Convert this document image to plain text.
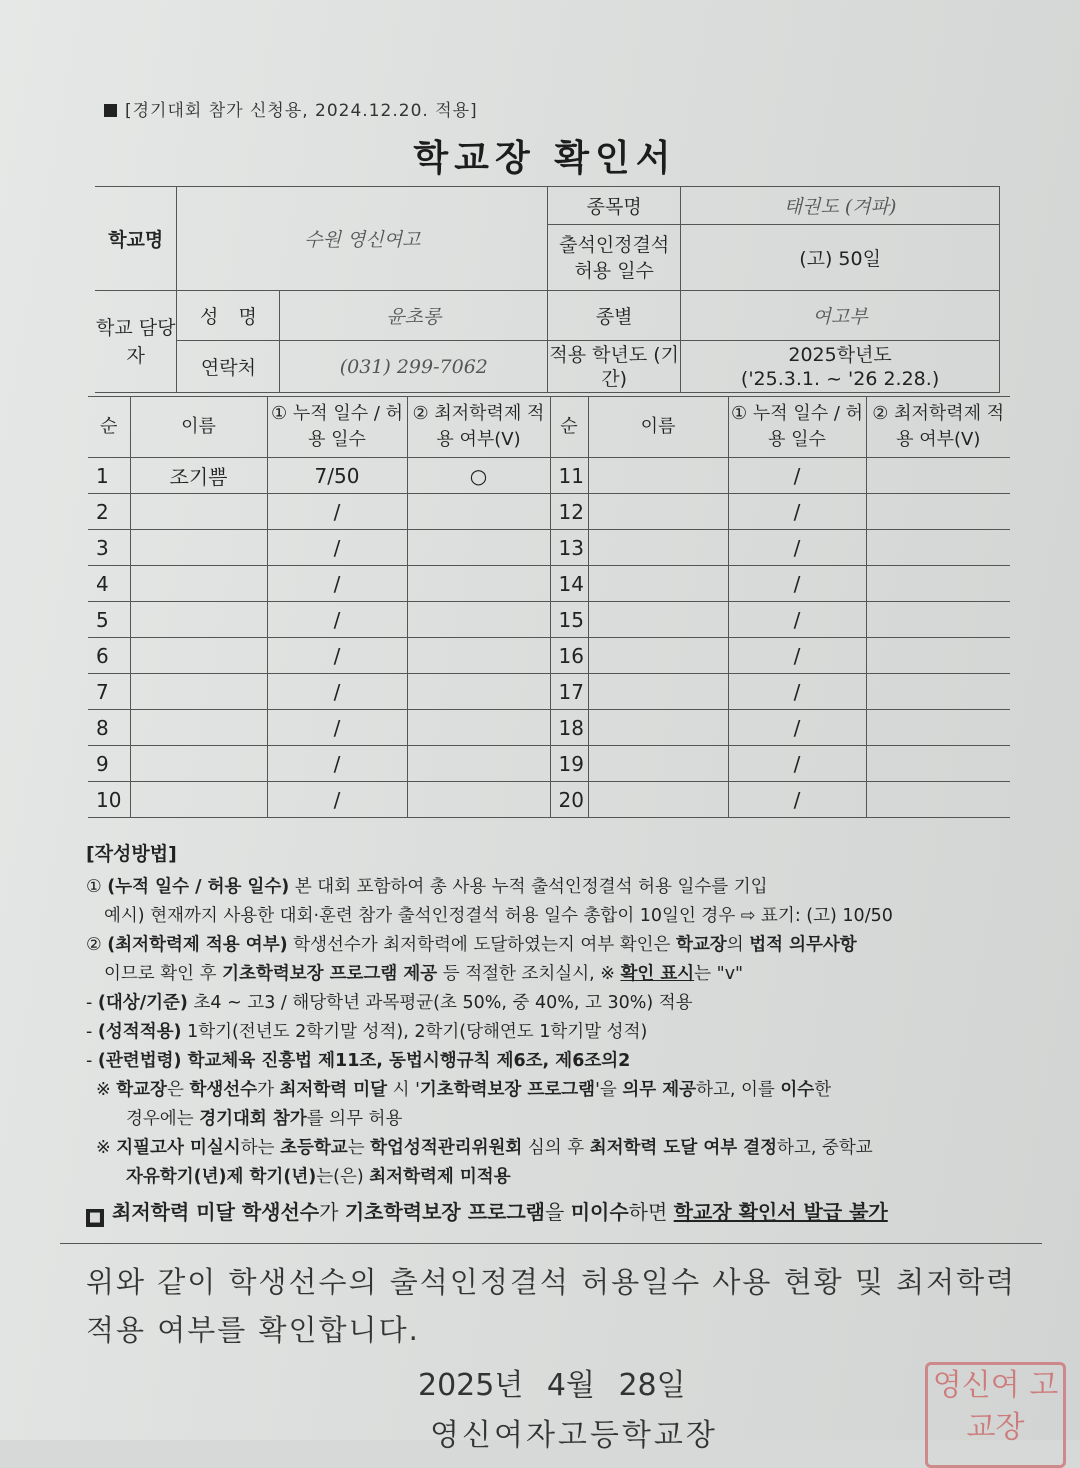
[경기대회 참가 신청용, 2024.12.20. 적용]
학교장 확인서
학교명	수원 영신여고		종목명	태권도 (겨파)
			출석인정결석 허용 일수	(고) 50일
학교 담당자	성 명	윤초롱	종별	여고부
	연락처	(031) 299-7062	적용 학년도 (기간)	2025학년도
('25.3.1. ~ '26 2.28.)
순	이름	① 누적 일수 / 허용 일수	② 최저학력제 적용 여부(V)	순	이름	① 누적 일수 / 허용 일수	② 최저학력제 적용 여부(V)
1	조기쁨	7/50	○	11		/	
2		/		12		/	
3		/		13		/	
4		/		14		/	
5		/		15		/	
6		/		16		/	
7		/		17		/	
8		/		18		/	
9		/		19		/	
10		/		20		/	
[작성방법]
① (누적 일수 / 허용 일수) 본 대회 포함하여 총 사용 누적 출석인정결석 허용 일수를 기입
예시) 현재까지 사용한 대회·훈련 참가 출석인정결석 허용 일수 총합이 10일인 경우 ⇨ 표기: (고) 10/50
② (최저학력제 적용 여부) 학생선수가 최저학력에 도달하였는지 여부 확인은 학교장의 법적 의무사항
이므로 확인 후 기초학력보장 프로그램 제공 등 적절한 조치실시, ※ 확인 표시는 "v"
- (대상/기준) 초4 ~ 고3 / 해당학년 과목평균(초 50%, 중 40%, 고 30%) 적용
- (성적적용) 1학기(전년도 2학기말 성적), 2학기(당해연도 1학기말 성적)
- (관련법령) 학교체육 진흥법 제11조, 동법시행규칙 제6조, 제6조의2
※ 학교장은 학생선수가 최저학력 미달 시 '기초학력보장 프로그램'을 의무 제공하고, 이를 이수한
경우에는 경기대회 참가를 의무 허용
※ 지필고사 미실시하는 초등학교는 학업성적관리위원회 심의 후 최저학력 도달 여부 결정하고, 중학교
자유학기(년)제 학기(년)는(은) 최저학력제 미적용
■ 최저학력 미달 학생선수가 기초학력보장 프로그램을 미이수하면 학교장 확인서 발급 불가
위와 같이 학생선수의 출석인정결석 허용일수 사용 현황 및 최저학력 적용 여부를 확인합니다.
2025년 4월 28일
영신여자고등학교장
영신여 고교장
